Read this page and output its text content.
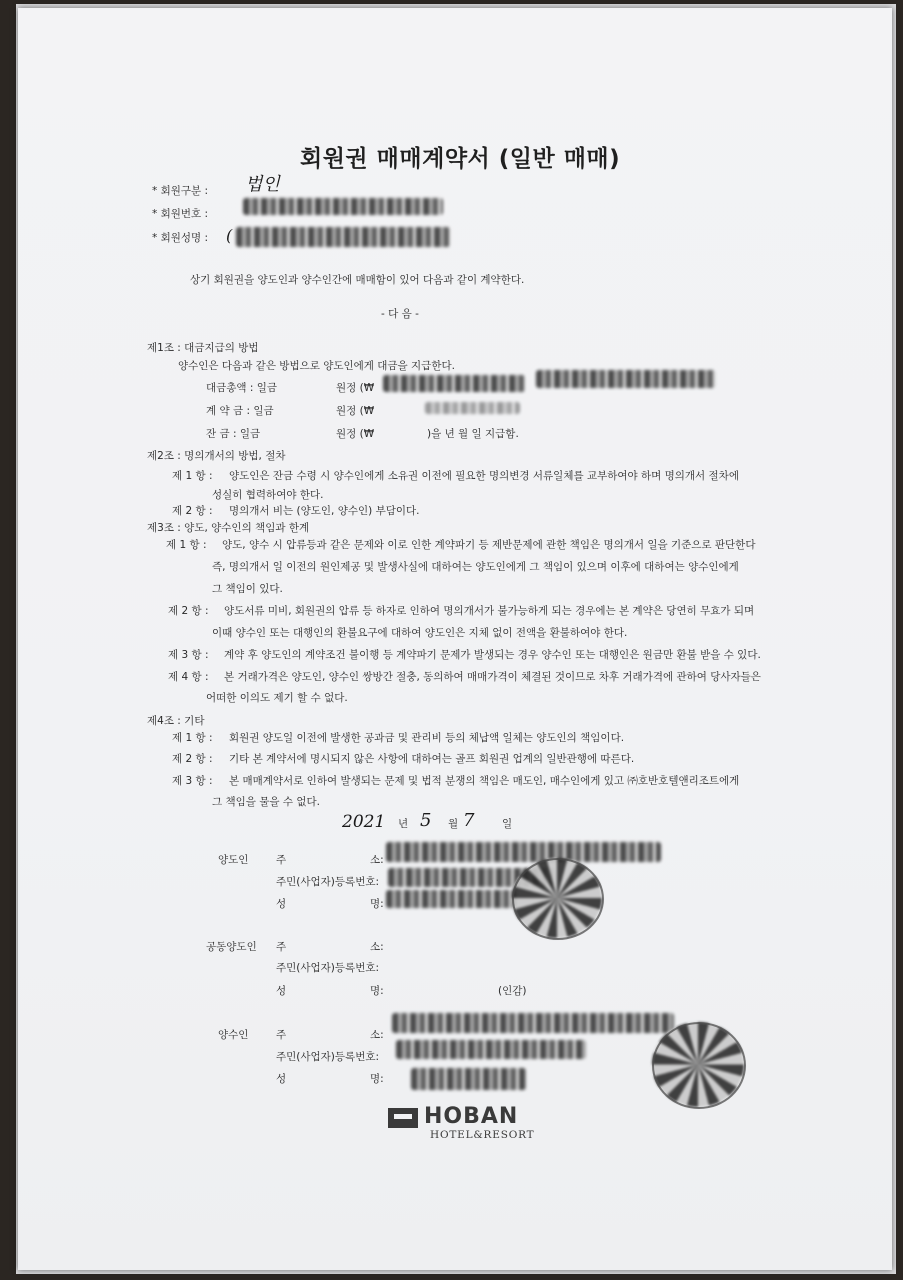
회원권 매매계약서 (일반 매매)
* 회원구분 : 법인
* 회원번호 :
* 회원성명 : (
상기 회원권을 양도인과 양수인간에 매매함이 있어 다음과 같이 계약한다.
- 다 음 -
제1조 : 대금지급의 방법
양수인은 다음과 같은 방법으로 양도인에게 대금을 지급한다.
대금총액 : 일금	원정 (₩
계 약 금 : 일금	원정 (₩
잔 금 : 일금	원정 (₩	)을 년 월 일 지급함.
제2조 : 명의개서의 방법, 절차
제 1 항 : 양도인은 잔금 수령 시 양수인에게 소유권 이전에 필요한 명의변경 서류일체를 교부하여야 하며 명의개서 절차에
성실히 협력하여야 한다.
제 2 항 : 명의개서 비는 (양도인, 양수인) 부담이다.
제3조 : 양도, 양수인의 책임과 한계
제 1 항 : 양도, 양수 시 압류등과 같은 문제와 이로 인한 계약파기 등 제반문제에 관한 책임은 명의개서 일을 기준으로 판단한다
즉, 명의개서 일 이전의 원인제공 및 발생사실에 대하여는 양도인에게 그 책임이 있으며 이후에 대하여는 양수인에게
그 책임이 있다.
제 2 항 : 양도서류 미비, 회원권의 압류 등 하자로 인하여 명의개서가 불가능하게 되는 경우에는 본 계약은 당연히 무효가 되며
이때 양수인 또는 대행인의 환불요구에 대하여 양도인은 지체 없이 전액을 환불하여야 한다.
제 3 항 : 계약 후 양도인의 계약조건 불이행 등 계약파기 문제가 발생되는 경우 양수인 또는 대행인은 원금만 환불 받을 수 있다.
제 4 항 : 본 거래가격은 양도인, 양수인 쌍방간 절충, 동의하여 매매가격이 체결된 것이므로 차후 거래가격에 관하여 당사자들은
어떠한 이의도 제기 할 수 없다.
제4조 : 기타
제 1 항 : 회원권 양도일 이전에 발생한 공과금 및 관리비 등의 체납액 일체는 양도인의 책임이다.
제 2 항 : 기타 본 계약서에 명시되지 않은 사항에 대하여는 골프 회원권 업계의 일반관행에 따른다.
제 3 항 : 본 매매계약서로 인하여 발생되는 문제 및 법적 분쟁의 책임은 매도인, 매수인에게 있고 ㈜호반호텔앤리조트에게
그 책임을 물을 수 없다.
2021 년 5 월 7	일
양도인	주	소:
주민(사업자)등록번호:
성	명:
공동양도인 주	소:
주민(사업자)등록번호:
성	명:	(인감)
양수인	주	소:
주민(사업자)등록번호:
성	명:
HOBAN
HOTEL&RESORT
